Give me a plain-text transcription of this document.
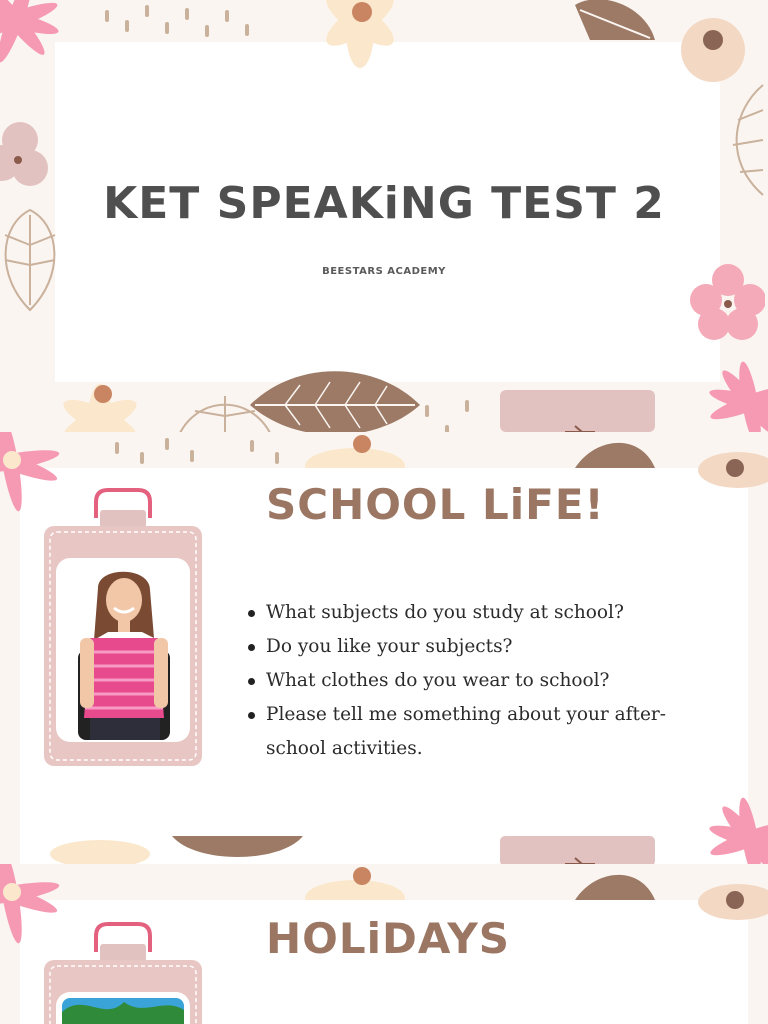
KET SPEAKiNG TEST 2
BEESTARS ACADEMY
SCHOOL LiFE!
What subjects do you study at school?
Do you like your subjects?
What clothes do you wear to school?
Please tell me something about your after-school activities.
HOLiDAYS
